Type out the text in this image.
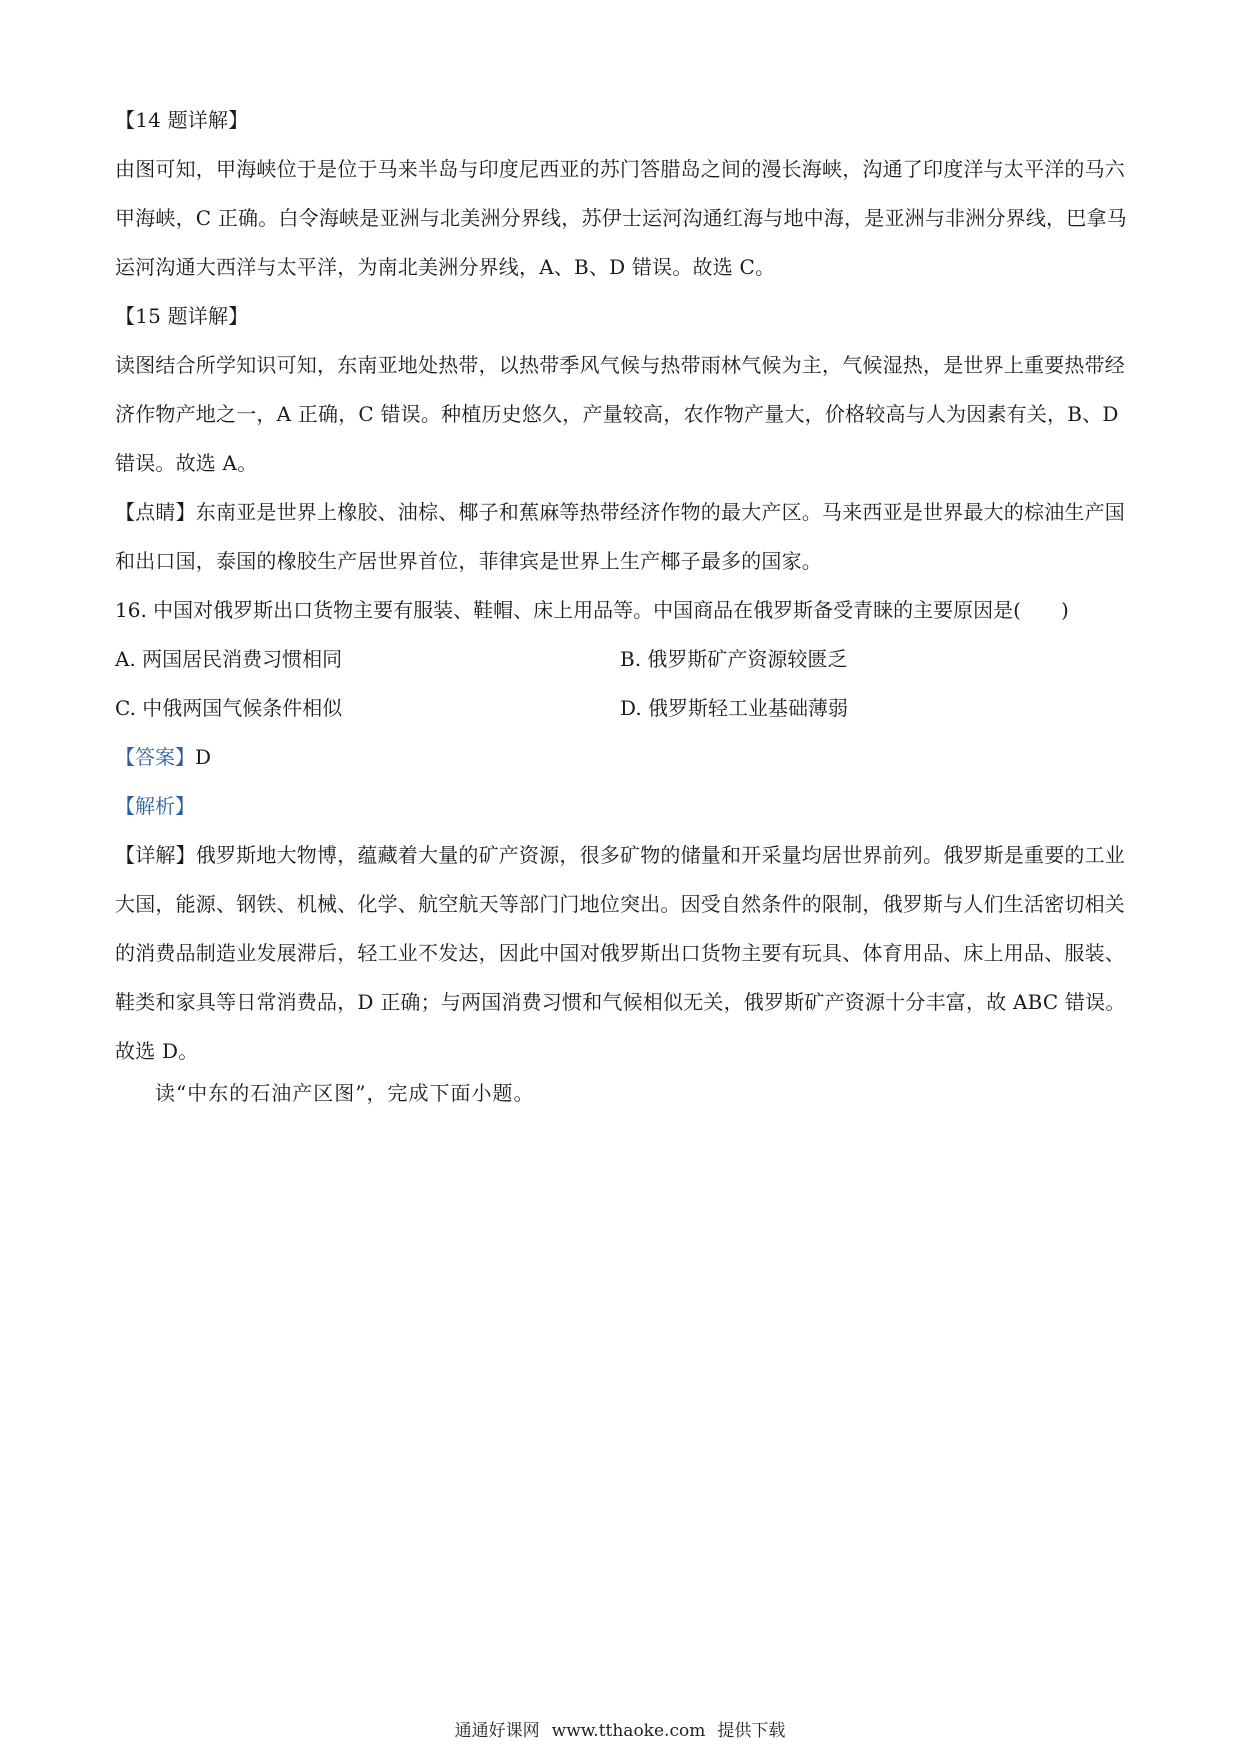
【14 题详解】
由图可知，甲海峡位于是位于马来半岛与印度尼西亚的苏门答腊岛之间的漫长海峡，沟通了印度洋与太平洋的马六甲海峡，C 正确。白令海峡是亚洲与北美洲分界线，苏伊士运河沟通红海与地中海，是亚洲与非洲分界线，巴拿马运河沟通大西洋与太平洋，为南北美洲分界线，A、B、D 错误。故选 C。
【15 题详解】
读图结合所学知识可知，东南亚地处热带，以热带季风气候与热带雨林气候为主，气候湿热，是世界上重要热带经济作物产地之一，A 正确，C 错误。种植历史悠久，产量较高，农作物产量大，价格较高与人为因素有关，B、D 错误。故选 A。
【点睛】东南亚是世界上橡胶、油棕、椰子和蕉麻等热带经济作物的最大产区。马来西亚是世界最大的棕油生产国和出口国，泰国的橡胶生产居世界首位，菲律宾是世界上生产椰子最多的国家。
16. 中国对俄罗斯出口货物主要有服装、鞋帽、床上用品等。中国商品在俄罗斯备受青睐的主要原因是(　　)
A. 两国居民消费习惯相同	B. 俄罗斯矿产资源较匮乏
C. 中俄两国气候条件相似	D. 俄罗斯轻工业基础薄弱
【答案】D
【解析】
【详解】俄罗斯地大物博，蕴藏着大量的矿产资源，很多矿物的储量和开采量均居世界前列。俄罗斯是重要的工业大国，能源、钢铁、机械、化学、航空航天等部门门地位突出。因受自然条件的限制，俄罗斯与人们生活密切相关的消费品制造业发展滞后，轻工业不发达，因此中国对俄罗斯出口货物主要有玩具、体育用品、床上用品、服装、鞋类和家具等日常消费品，D 正确；与两国消费习惯和气候相似无关，俄罗斯矿产资源十分丰富，故 ABC 错误。故选 D。
读“中东的石油产区图”，完成下面小题。
通通好课网 www.tthaoke.com 提供下载
